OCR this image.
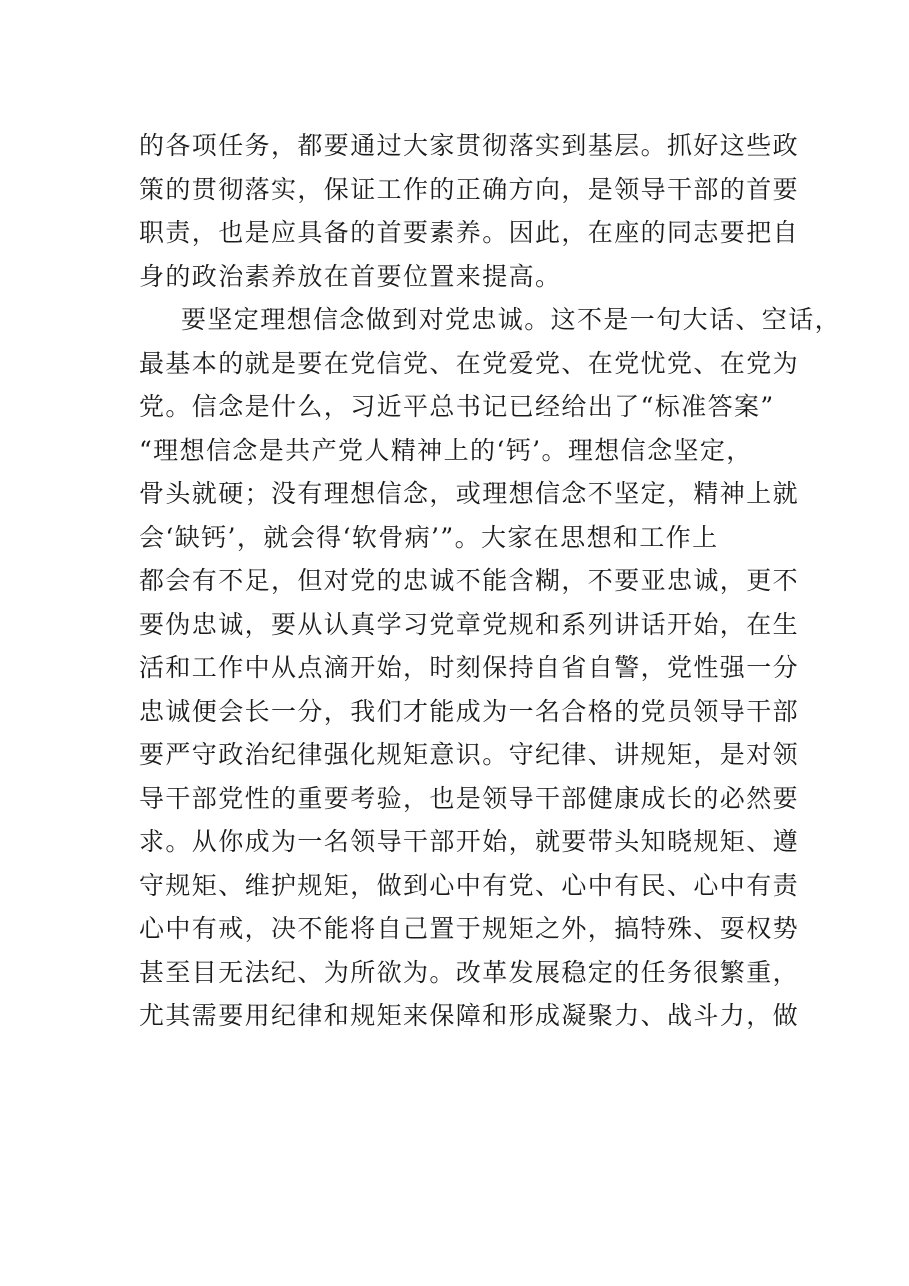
的各项任务，都要通过大家贯彻落实到基层。抓好这些政
策的贯彻落实，保证工作的正确方向，是领导干部的首要
职责，也是应具备的首要素养。因此，在座的同志要把自
身的政治素养放在首要位置来提高。
要坚定理想信念做到对党忠诚。这不是一句大话、空话，
最基本的就是要在党信党、在党爱党、在党忧党、在党为
党。信念是什么，习近平总书记已经给出了“标准答案”
“理想信念是共产党人精神上的‘钙’。理想信念坚定，
骨头就硬；没有理想信念，或理想信念不坚定，精神上就
会‘缺钙’，就会得‘软骨病’”。大家在思想和工作上
都会有不足，但对党的忠诚不能含糊，不要亚忠诚，更不
要伪忠诚，要从认真学习党章党规和系列讲话开始，在生
活和工作中从点滴开始，时刻保持自省自警，党性强一分
忠诚便会长一分，我们才能成为一名合格的党员领导干部
要严守政治纪律强化规矩意识。守纪律、讲规矩，是对领
导干部党性的重要考验，也是领导干部健康成长的必然要
求。从你成为一名领导干部开始，就要带头知晓规矩、遵
守规矩、维护规矩，做到心中有党、心中有民、心中有责
心中有戒，决不能将自己置于规矩之外，搞特殊、耍权势
甚至目无法纪、为所欲为。改革发展稳定的任务很繁重，
尤其需要用纪律和规矩来保障和形成凝聚力、战斗力，做
